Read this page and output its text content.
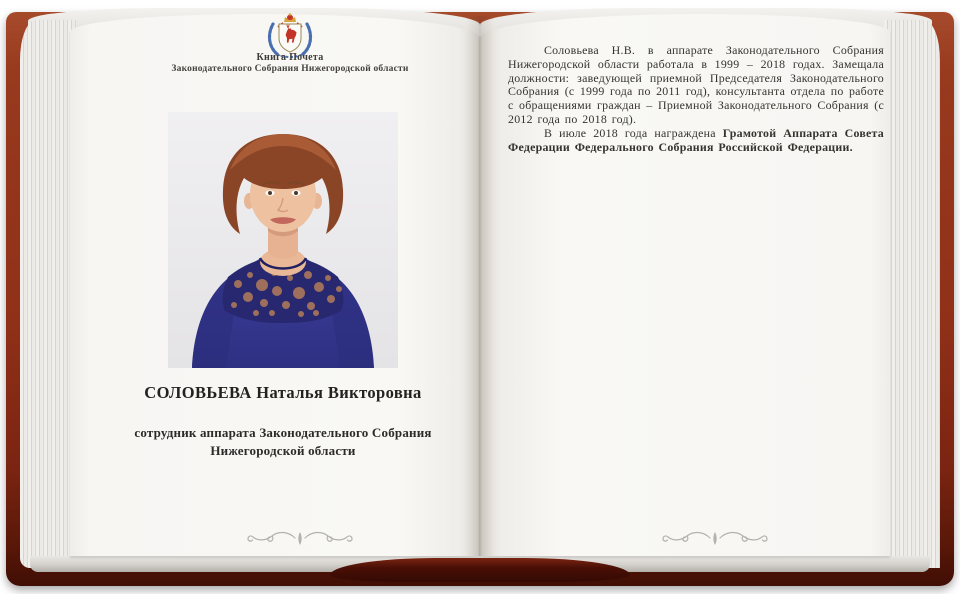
Книга Почета
Законодательного Собрания Нижегородской области
СОЛОВЬЕВА Наталья Викторовна
сотрудник аппарата Законодательного Собрания
Нижегородской области

Соловьева Н.В. в аппарате Законодательного Собрания Нижегородской области работала в 1999 – 2018 годах. Замещала должности: заведующей приемной Председателя Законодательного Собрания (с 1999 года по 2011 год), консультанта отдела по работе с обращениями граждан – Приемной Законодательного Собрания (с 2012 года по 2018 год).

В июле 2018 года награждена Грамотой Аппарата Совета Федерации Федерального Собрания Российской Федерации.
